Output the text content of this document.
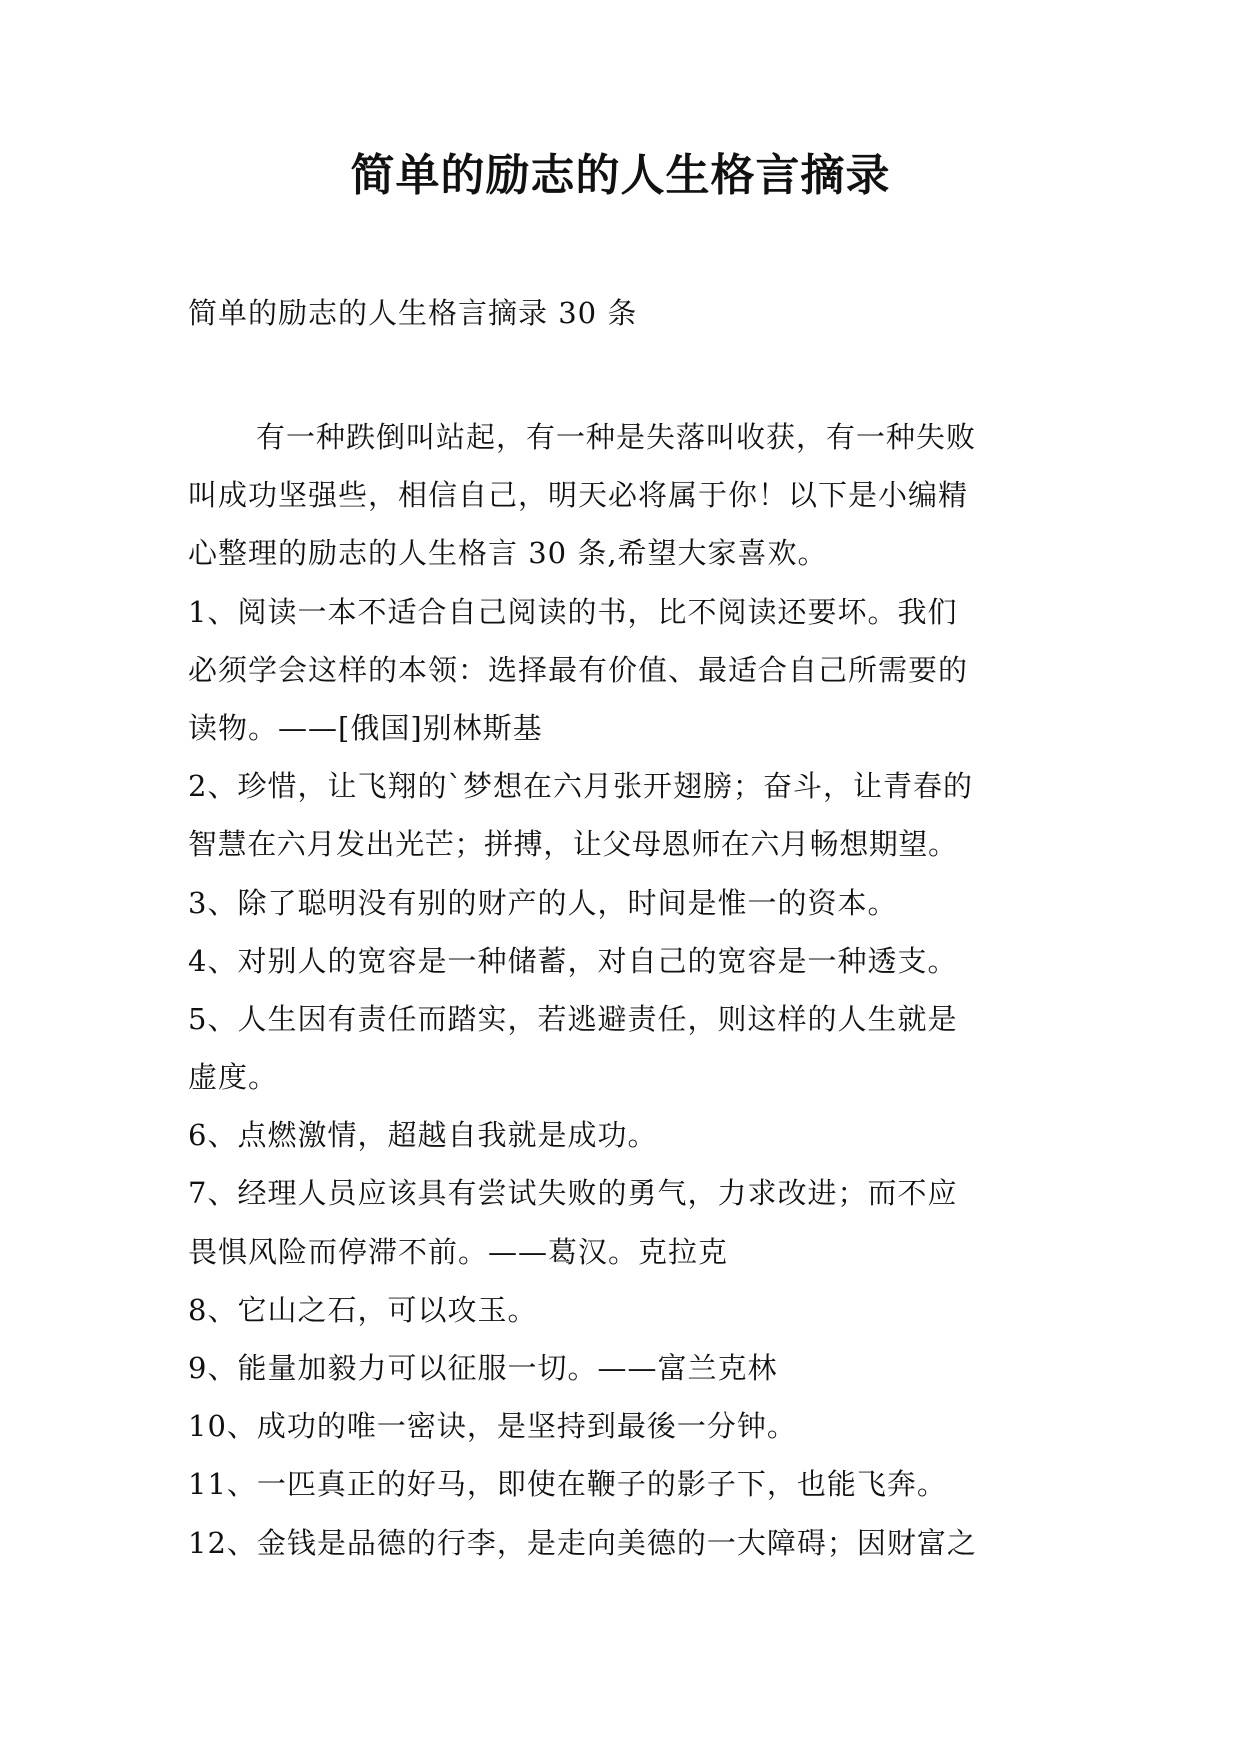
简单的励志的人生格言摘录

简单的励志的人生格言摘录 30 条

有一种跌倒叫站起，有一种是失落叫收获，有一种失败
叫成功坚强些，相信自己，明天必将属于你！以下是小编精
心整理的励志的人生格言 30 条,希望大家喜欢。
1、阅读一本不适合自己阅读的书，比不阅读还要坏。我们
必须学会这样的本领：选择最有价值、最适合自己所需要的
读物。——[俄国]别林斯基
2、珍惜，让飞翔的`梦想在六月张开翅膀；奋斗，让青春的
智慧在六月发出光芒；拼搏，让父母恩师在六月畅想期望。
3、除了聪明没有别的财产的人，时间是惟一的资本。
4、对别人的宽容是一种储蓄，对自己的宽容是一种透支。
5、人生因有责任而踏实，若逃避责任，则这样的人生就是
虚度。
6、点燃激情，超越自我就是成功。
7、经理人员应该具有尝试失败的勇气，力求改进；而不应
畏惧风险而停滞不前。——葛汉。克拉克
8、它山之石，可以攻玉。
9、能量加毅力可以征服一切。——富兰克林
10、成功的唯一密诀，是坚持到最後一分钟。
11、一匹真正的好马，即使在鞭子的影子下，也能飞奔。
12、金钱是品德的行李，是走向美德的一大障碍；因财富之
